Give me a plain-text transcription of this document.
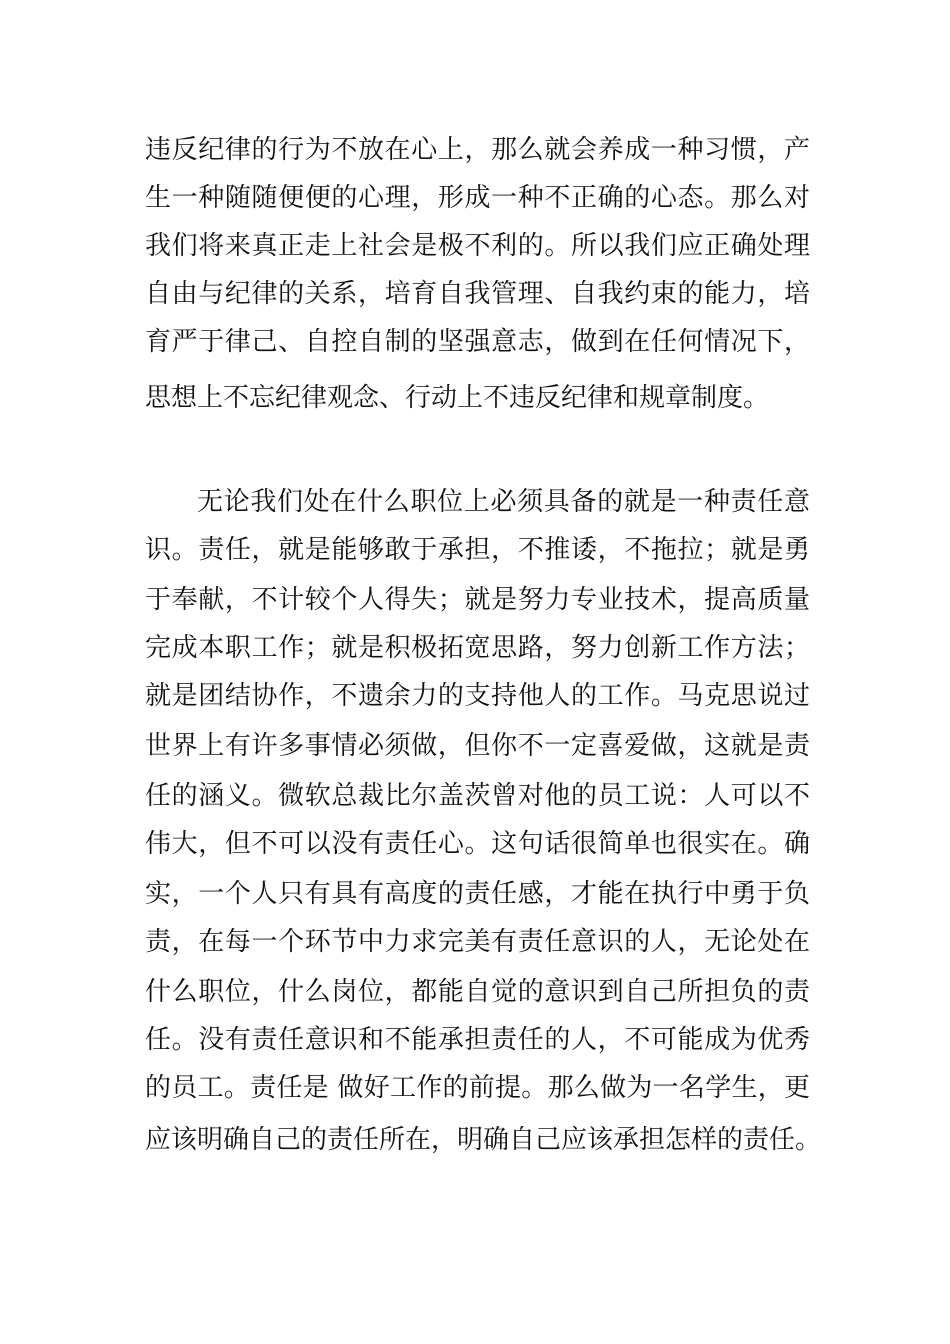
违反纪律的行为不放在心上，那么就会养成一种习惯，产

生一种随随便便的心理，形成一种不正确的心态。那么对

我们将来真正走上社会是极不利的。所以我们应正确处理

自由与纪律的关系，培育自我管理、自我约束的能力，培

育严于律己、自控自制的坚强意志，做到在任何情况下，

思想上不忘纪律观念、行动上不违反纪律和规章制度。

无论我们处在什么职位上必须具备的就是一种责任意

识。责任，就是能够敢于承担，不推诿，不拖拉；就是勇

于奉献，不计较个人得失；就是努力专业技术，提高质量

完成本职工作；就是积极拓宽思路，努力创新工作方法；

就是团结协作，不遗余力的支持他人的工作。马克思说过

世界上有许多事情必须做，但你不一定喜爱做，这就是责

任的涵义。微软总裁比尔盖茨曾对他的员工说：人可以不

伟大，但不可以没有责任心。这句话很简单也很实在。确

实，一个人只有具有高度的责任感，才能在执行中勇于负

责，在每一个环节中力求完美有责任意识的人，无论处在

什么职位，什么岗位，都能自觉的意识到自己所担负的责

任。没有责任意识和不能承担责任的人，不可能成为优秀

的员工。责任是 做好工作的前提。那么做为一名学生，更

应该明确自己的责任所在，明确自己应该承担怎样的责任。
